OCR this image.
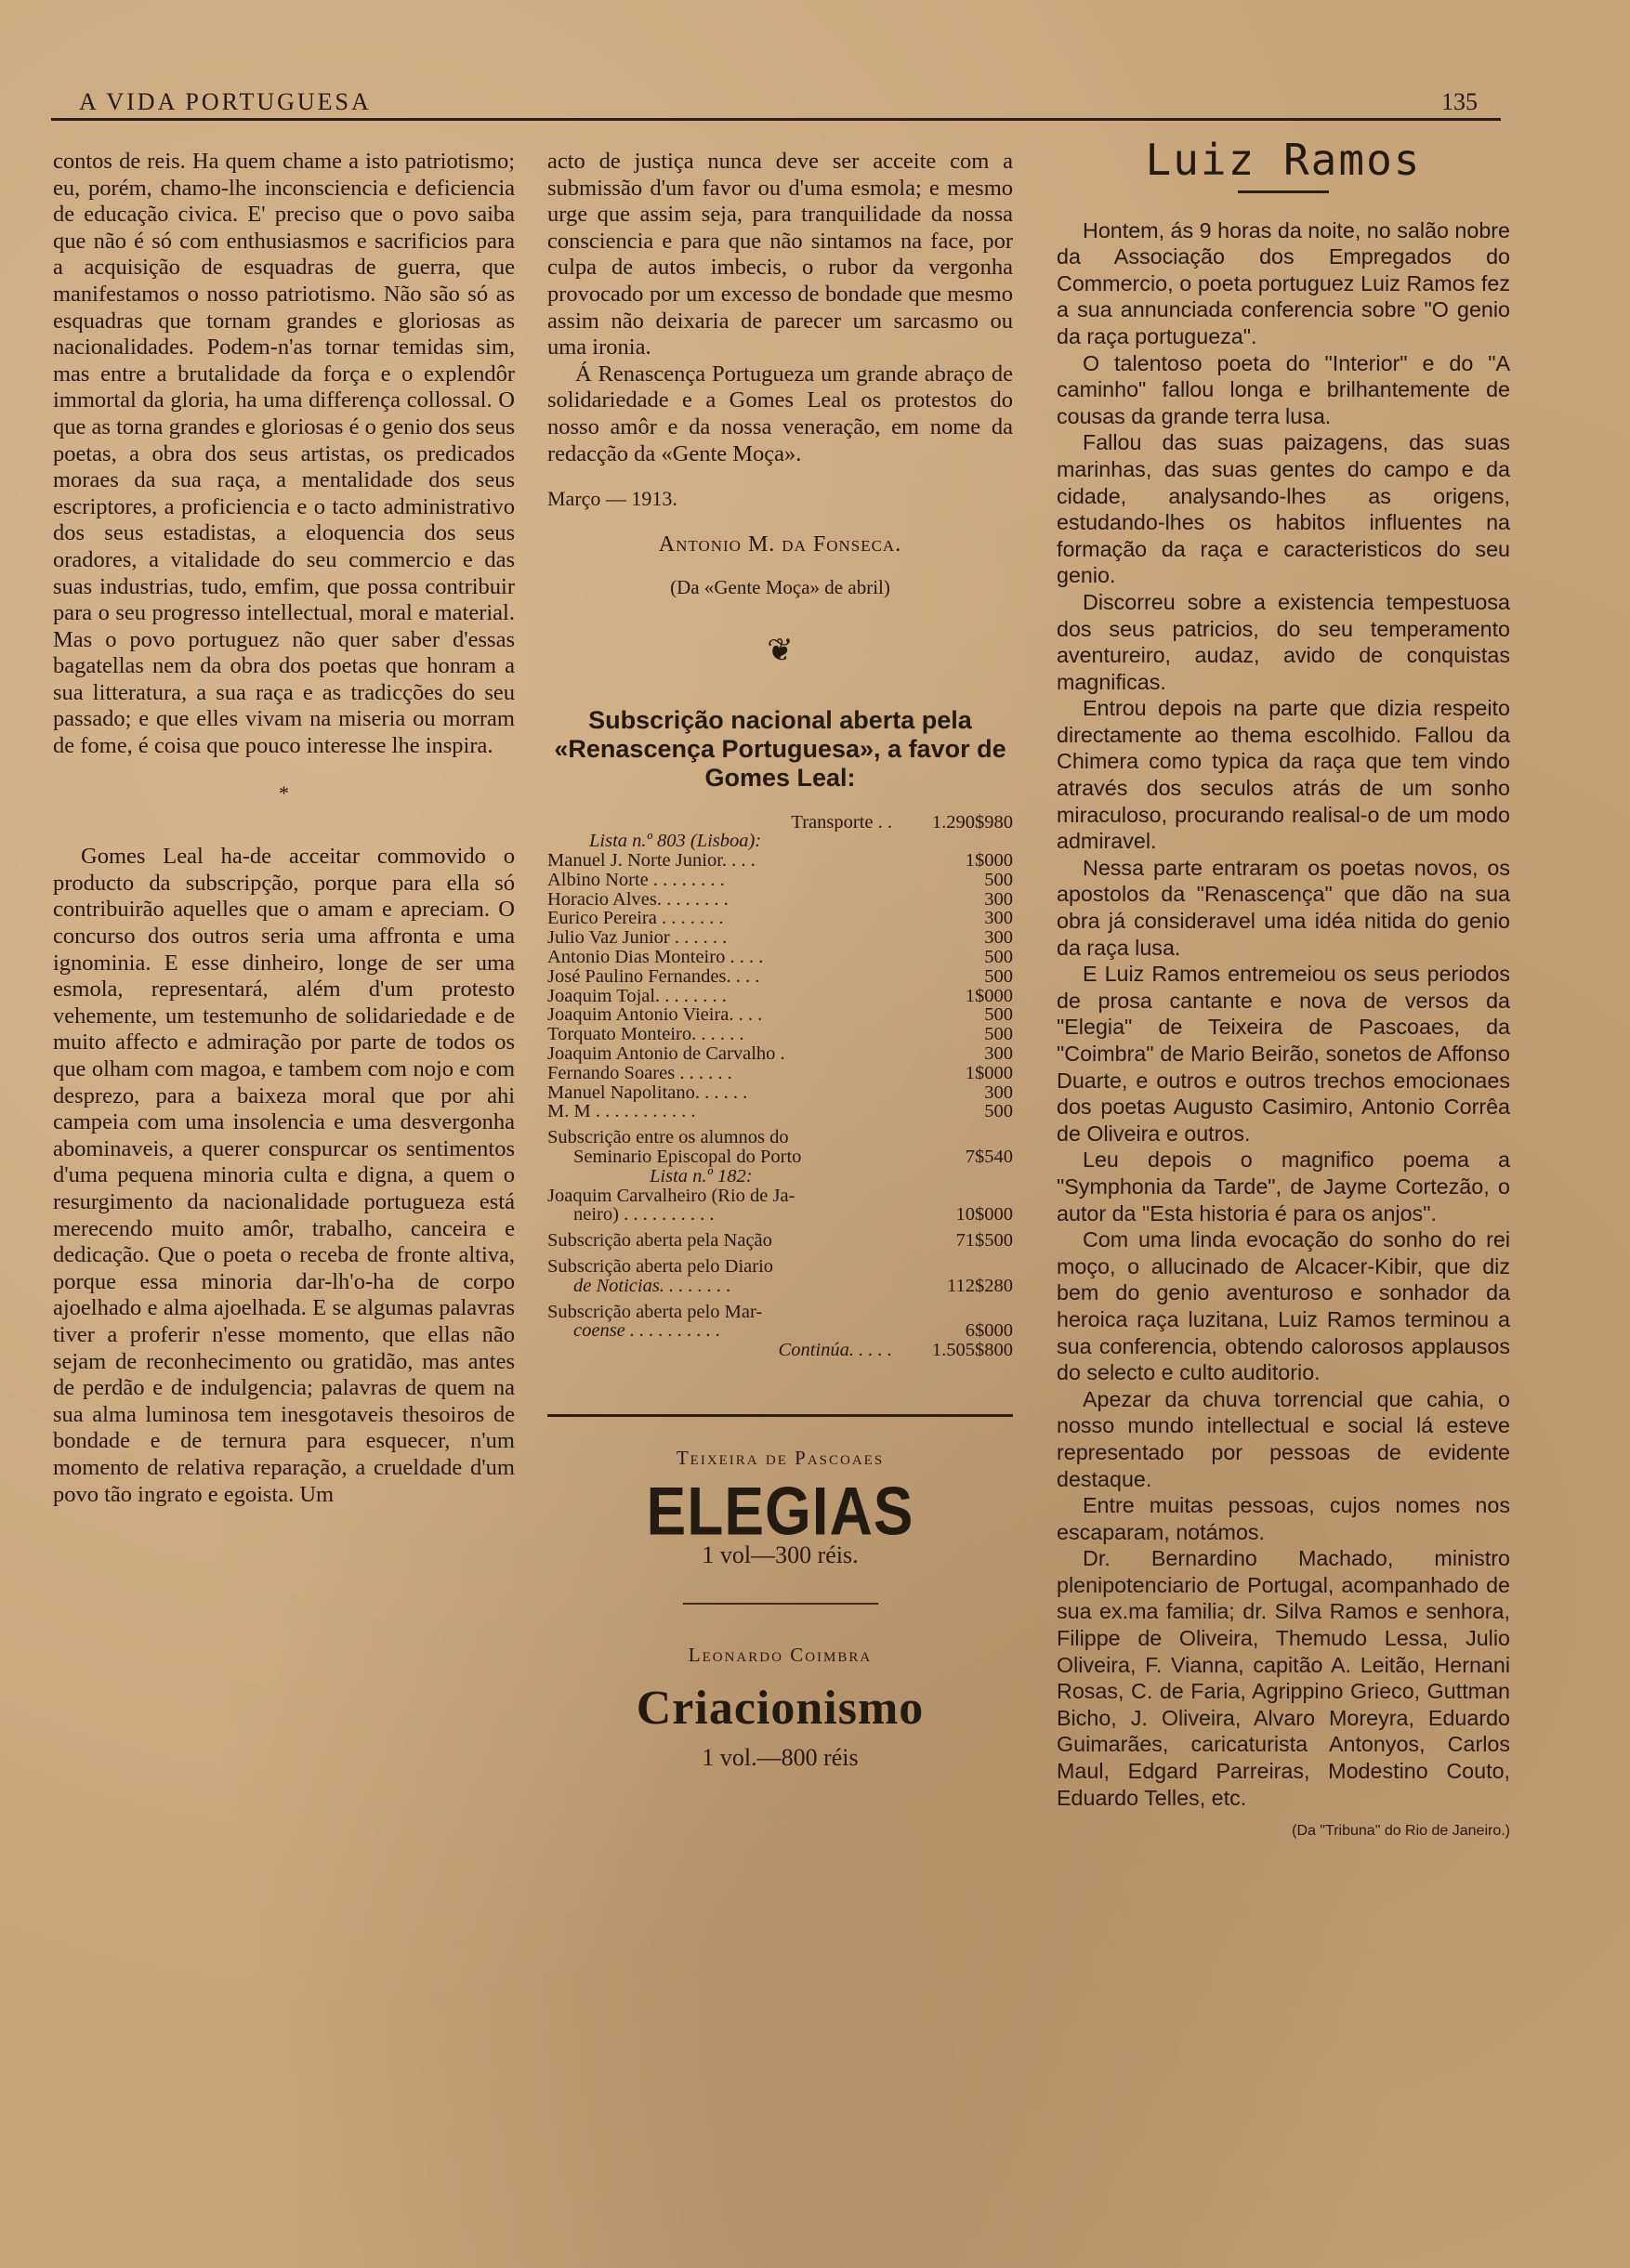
A VIDA PORTUGUESA	135

contos de reis. Ha quem chame a isto patriotismo; eu, porém, chamo-lhe inconsciencia e deficiencia de educação civica. E' preciso que o povo saiba que não é só com enthusiasmos e sacrificios para a acquisição de esquadras de guerra, que manifestamos o nosso patriotismo. Não são só as esquadras que tornam grandes e gloriosas as nacionalidades. Podem-n'as tornar temidas sim, mas entre a brutalidade da força e o explendôr immortal da gloria, ha uma differença collossal. O que as torna grandes e gloriosas é o genio dos seus poetas, a obra dos seus artistas, os predicados moraes da sua raça, a mentalidade dos seus escriptores, a proficiencia e o tacto administrativo dos seus estadistas, a eloquencia dos seus oradores, a vitalidade do seu commercio e das suas industrias, tudo, emfim, que possa contribuir para o seu progresso intellectual, moral e material. Mas o povo portuguez não quer saber d'essas bagatellas nem da obra dos poetas que honram a sua litteratura, a sua raça e as tradicções do seu passado; e que elles vivam na miseria ou morram de fome, é coisa que pouco interesse lhe inspira.

*

Gomes Leal ha-de acceitar commovido o producto da subscripção, porque para ella só contribuirão aquelles que o amam e apreciam. O concurso dos outros seria uma affronta e uma ignominia. E esse dinheiro, longe de ser uma esmola, representará, além d'um protesto vehemente, um testemunho de solidariedade e de muito affecto e admiração por parte de todos os que olham com magoa, e tambem com nojo e com desprezo, para a baixeza moral que por ahi campeia com uma insolencia e uma desvergonha abominaveis, a querer conspurcar os sentimentos d'uma pequena minoria culta e digna, a quem o resurgimento da nacionalidade portugueza está merecendo muito amôr, trabalho, canceira e dedicação. Que o poeta o receba de fronte altiva, porque essa minoria dar-lh'o-ha de corpo ajoelhado e alma ajoelhada. E se algumas palavras tiver a proferir n'esse momento, que ellas não sejam de reconhecimento ou gratidão, mas antes de perdão e de indulgencia; palavras de quem na sua alma luminosa tem inesgotaveis thesoiros de bondade e de ternura para esquecer, n'um momento de relativa reparação, a crueldade d'um povo tão ingrato e egoista. Um

acto de justiça nunca deve ser acceite com a submissão d'um favor ou d'uma esmola; e mesmo urge que assim seja, para tranquilidade da nossa consciencia e para que não sintamos na face, por culpa de autos imbecis, o rubor da vergonha provocado por um excesso de bondade que mesmo assim não deixaria de parecer um sarcasmo ou uma ironia.

Á Renascença Portugueza um grande abraço de solidariedade e a Gomes Leal os protestos do nosso amôr e da nossa veneração, em nome da redacção da «Gente Moça».

Março — 1913.
Antonio M. da Fonseca.
(Da «Gente Moça» de abril)
❦
Subscrição nacional aberta pela «Renascença Portuguesa», a favor de Gomes Leal:
Transporte . .	1.290$980
Lista n.º 803 (Lisboa):
Manuel J. Norte Junior. . . .	1$000
Albino Norte . . . . . . . .	500
Horacio Alves. . . . . . . .	300
Eurico Pereira . . . . . . .	300
Julio Vaz Junior . . . . . .	300
Antonio Dias Monteiro . . . .	500
José Paulino Fernandes. . . .	500
Joaquim Tojal. . . . . . . .	1$000
Joaquim Antonio Vieira. . . .	500
Torquato Monteiro. . . . . .	500
Joaquim Antonio de Carvalho .	300
Fernando Soares . . . . . .	1$000
Manuel Napolitano. . . . . .	300
M. M . . . . . . . . . . .	500
Subscrição entre os alumnos do
Seminario Episcopal do Porto	7$540
Lista n.º 182:
Joaquim Carvalheiro (Rio de Ja-
neiro) . . . . . . . . . .	10$000
Subscrição aberta pela Nação	71$500
Subscrição aberta pelo Diario
de Noticias. . . . . . . .	112$280
Subscrição aberta pelo Mar-
coense . . . . . . . . . .	6$000
Continúa. . . . .	1.505$800
Teixeira de Pascoaes
ELEGIAS
1 vol—300 réis.
Leonardo Coimbra
Criacionismo
1 vol.—800 réis
Luiz Ramos

Hontem, ás 9 horas da noite, no salão nobre da Associação dos Empregados do Commercio, o poeta portuguez Luiz Ramos fez a sua annunciada conferencia sobre "O genio da raça portugueza".

O talentoso poeta do "Interior" e do "A caminho" fallou longa e brilhantemente de cousas da grande terra lusa.

Fallou das suas paizagens, das suas marinhas, das suas gentes do campo e da cidade, analysando-lhes as origens, estudando-lhes os habitos influentes na formação da raça e caracteristicos do seu genio.

Discorreu sobre a existencia tempestuosa dos seus patricios, do seu temperamento aventureiro, audaz, avido de conquistas magnificas.

Entrou depois na parte que dizia respeito directamente ao thema escolhido. Fallou da Chimera como typica da raça que tem vindo através dos seculos atrás de um sonho miraculoso, procurando realisal-o de um modo admiravel.

Nessa parte entraram os poetas novos, os apostolos da "Renascença" que dão na sua obra já consideravel uma idéa nitida do genio da raça lusa.

E Luiz Ramos entremeiou os seus periodos de prosa cantante e nova de versos da "Elegia" de Teixeira de Pascoaes, da "Coimbra" de Mario Beirão, sonetos de Affonso Duarte, e outros e outros trechos emocionaes dos poetas Augusto Casimiro, Antonio Corrêa de Oliveira e outros.

Leu depois o magnifico poema a "Symphonia da Tarde", de Jayme Cortezão, o autor da "Esta historia é para os anjos".

Com uma linda evocação do sonho do rei moço, o allucinado de Alcacer-Kibir, que diz bem do genio aventuroso e sonhador da heroica raça luzitana, Luiz Ramos terminou a sua conferencia, obtendo calorosos applausos do selecto e culto auditorio.

Apezar da chuva torrencial que cahia, o nosso mundo intellectual e social lá esteve representado por pessoas de evidente destaque.

Entre muitas pessoas, cujos nomes nos escaparam, notámos.

Dr. Bernardino Machado, ministro plenipotenciario de Portugal, acompanhado de sua ex.ma familia; dr. Silva Ramos e senhora, Filippe de Oliveira, Themudo Lessa, Julio Oliveira, F. Vianna, capitão A. Leitão, Hernani Rosas, C. de Faria, Agrippino Grieco, Guttman Bicho, J. Oliveira, Alvaro Moreyra, Eduardo Guimarães, caricaturista Antonyos, Carlos Maul, Edgard Parreiras, Modestino Couto, Eduardo Telles, etc.

(Da "Tribuna" do Rio de Janeiro.)
